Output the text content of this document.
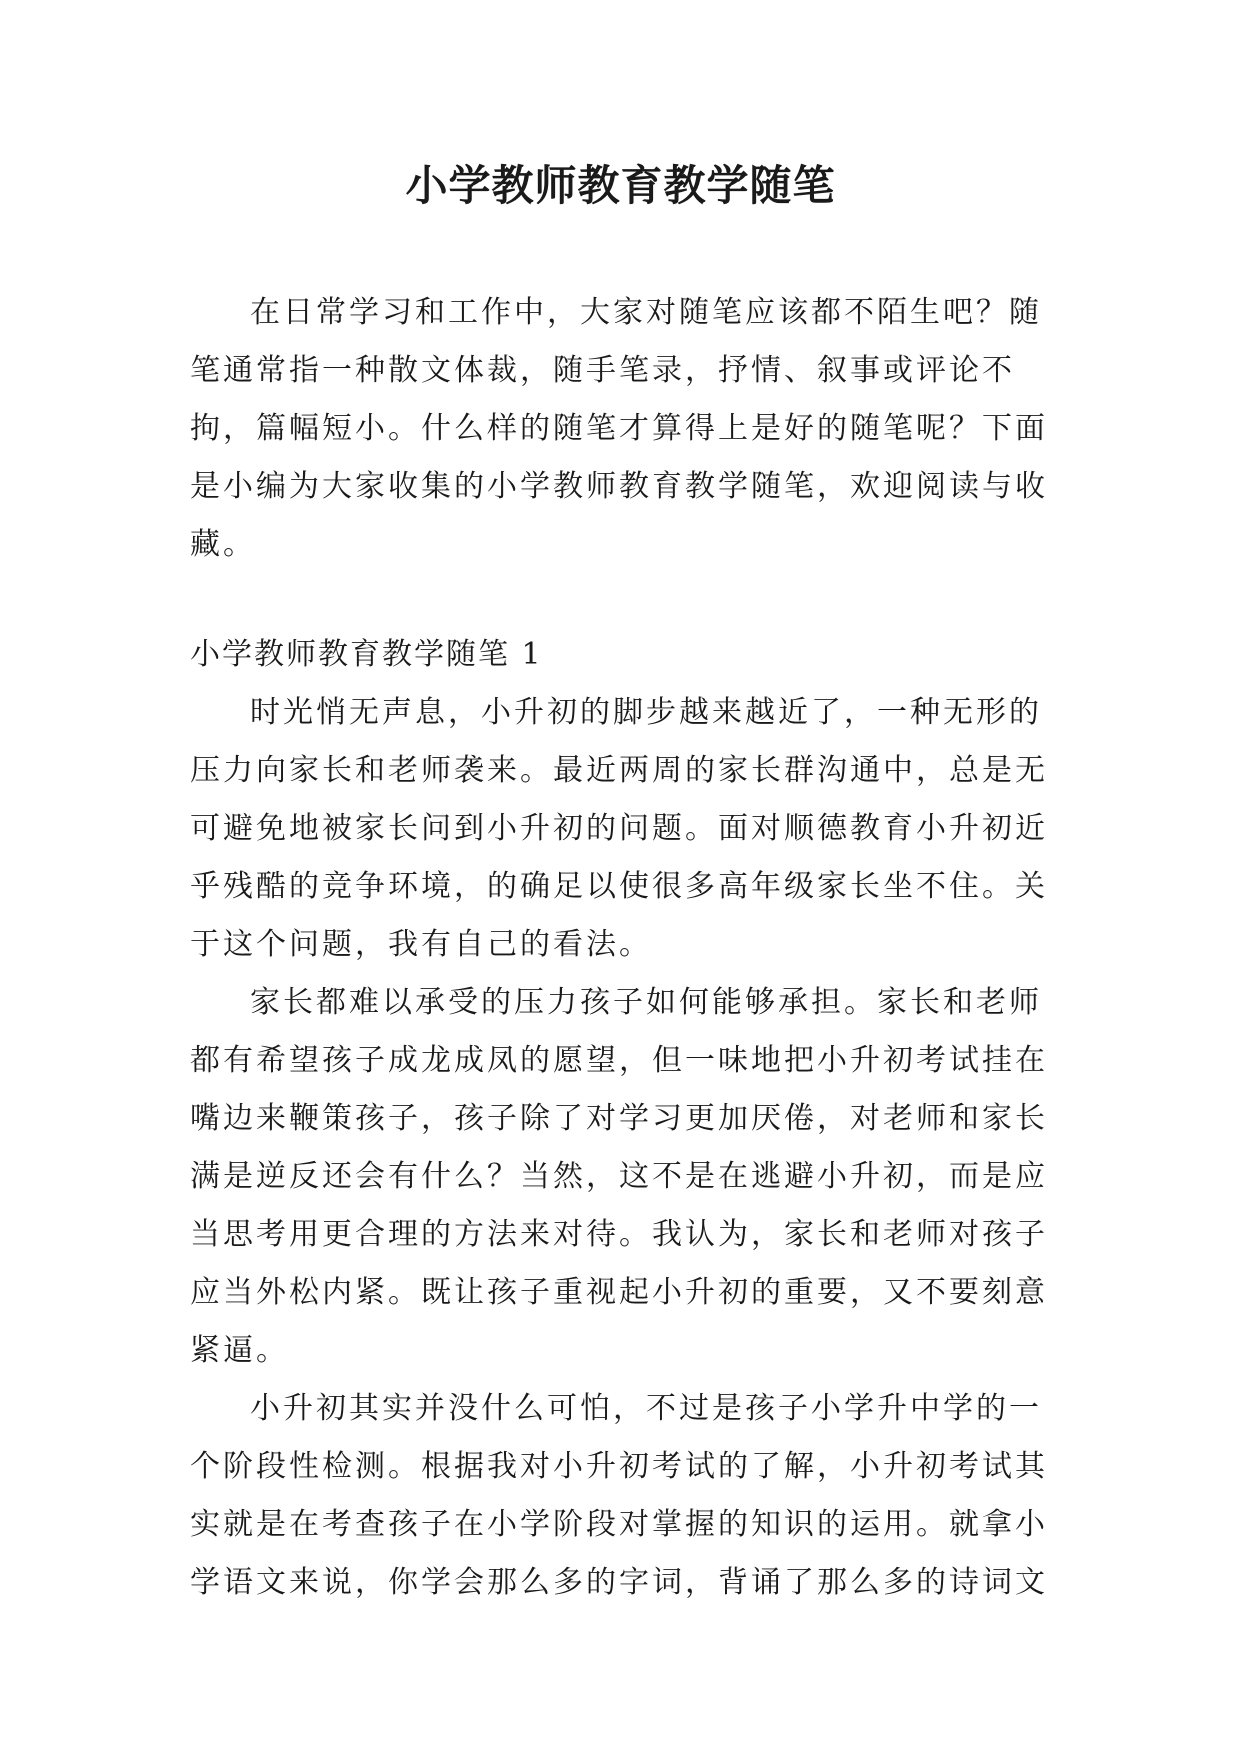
小学教师教育教学随笔

在日常学习和工作中，大家对随笔应该都不陌生吧？随笔通常指一种散文体裁，随手笔录，抒情、叙事或评论不拘，篇幅短小。什么样的随笔才算得上是好的随笔呢？下面是小编为大家收集的小学教师教育教学随笔，欢迎阅读与收藏。

小学教师教育教学随笔 1

时光悄无声息，小升初的脚步越来越近了，一种无形的压力向家长和老师袭来。最近两周的家长群沟通中，总是无可避免地被家长问到小升初的问题。面对顺德教育小升初近乎残酷的竞争环境，的确足以使很多高年级家长坐不住。关于这个问题，我有自己的看法。

家长都难以承受的压力孩子如何能够承担。家长和老师都有希望孩子成龙成凤的愿望，但一味地把小升初考试挂在嘴边来鞭策孩子，孩子除了对学习更加厌倦，对老师和家长满是逆反还会有什么？当然，这不是在逃避小升初，而是应当思考用更合理的方法来对待。我认为，家长和老师对孩子应当外松内紧。既让孩子重视起小升初的重要，又不要刻意紧逼。

小升初其实并没什么可怕，不过是孩子小学升中学的一个阶段性检测。根据我对小升初考试的了解，小升初考试其实就是在考查孩子在小学阶段对掌握的知识的运用。就拿小学语文来说，你学会那么多的字词，背诵了那么多的诗词文
